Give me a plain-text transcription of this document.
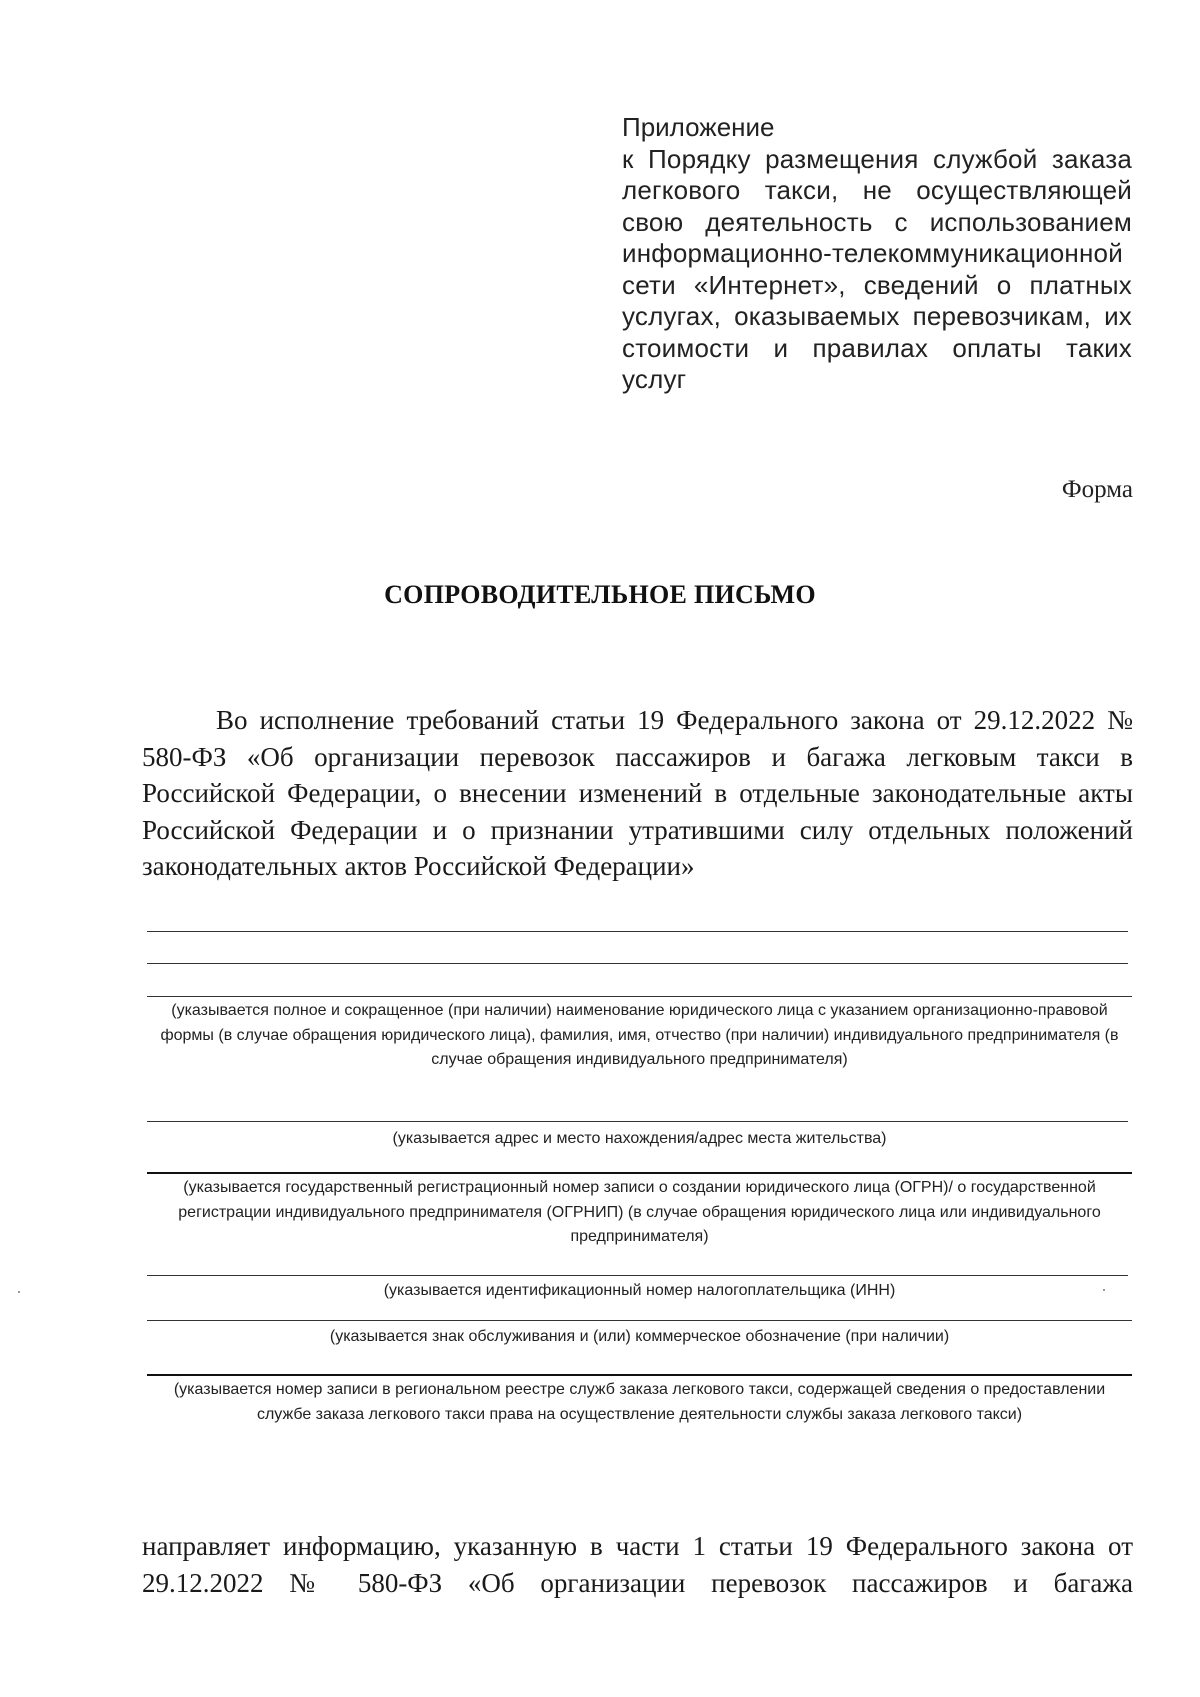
Приложение
к Порядку размещения службой заказа легкового такси, не осуществляющей свою деятельность с использованием информационно-телекоммуникационной сети «Интернет», сведений о платных услугах, оказываемых перевозчикам, их стоимости и правилах оплаты таких услуг
Форма
СОПРОВОДИТЕЛЬНОЕ ПИСЬМО
Во исполнение требований статьи 19 Федерального закона от 29.12.2022 № 580-ФЗ «Об организации перевозок пассажиров и багажа легковым такси в Российской Федерации, о внесении изменений в отдельные законодательные акты Российской Федерации и о признании утратившими силу отдельных положений законодательных актов Российской Федерации»
(указывается полное и сокращенное (при наличии) наименование юридического лица с указанием организационно-правовой формы (в случае обращения юридического лица), фамилия, имя, отчество (при наличии) индивидуального предпринимателя (в случае обращения индивидуального предпринимателя)
(указывается адрес и место нахождения/адрес места жительства)
(указывается государственный регистрационный номер записи о создании юридического лица (ОГРН)/ о государственной регистрации индивидуального предпринимателя (ОГРНИП) (в случае обращения юридического лица или индивидуального предпринимателя)
(указывается идентификационный номер налогоплательщика (ИНН)
(указывается знак обслуживания и (или) коммерческое обозначение (при наличии)
(указывается номер записи в региональном реестре служб заказа легкового такси, содержащей сведения о предоставлении службе заказа легкового такси права на осуществление деятельности службы заказа легкового такси)
направляет информацию, указанную в части 1 статьи 19 Федерального закона от 29.12.2022 № 580-ФЗ «Об организации перевозок пассажиров и багажа
